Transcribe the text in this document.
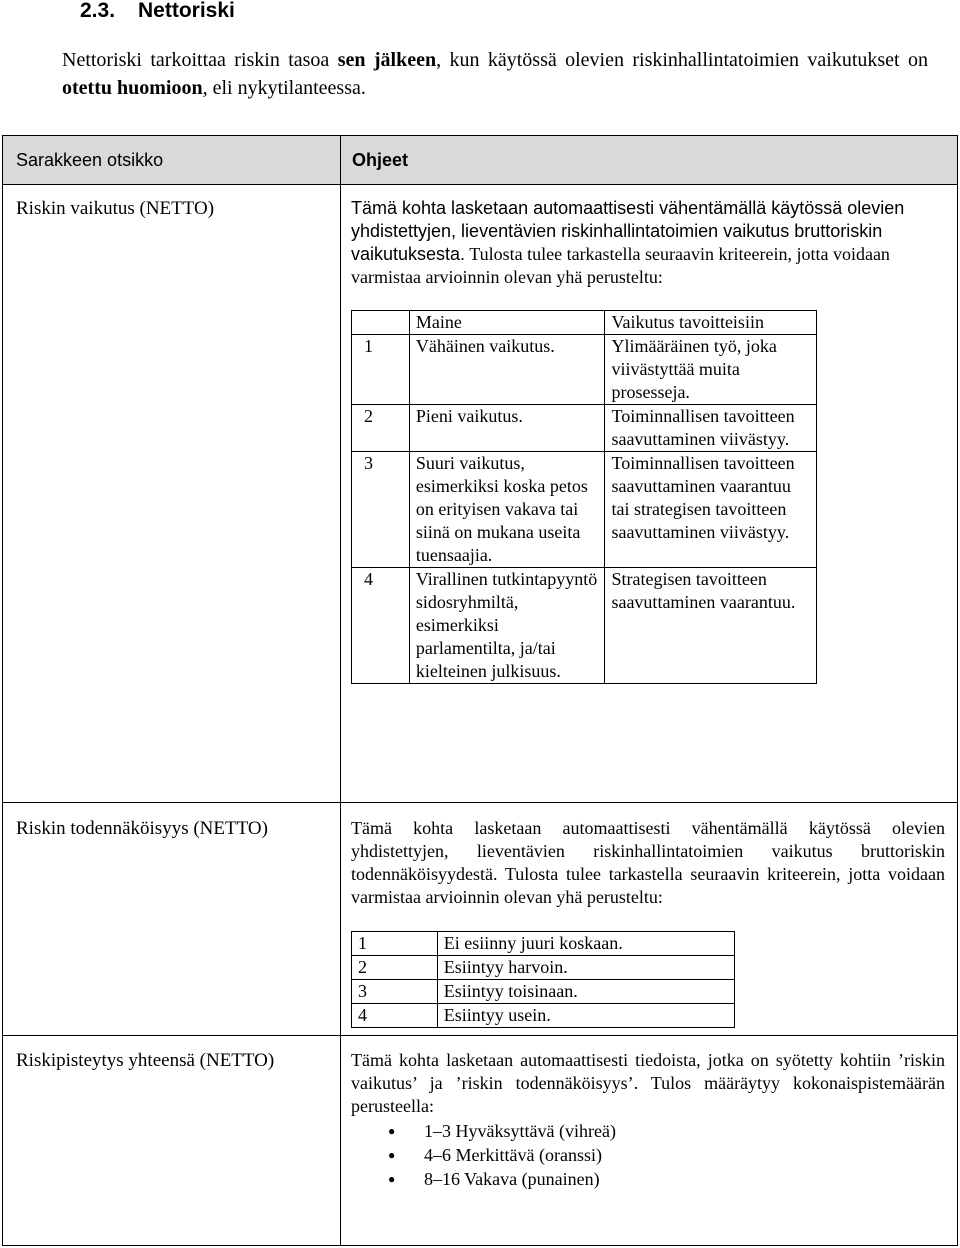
2.3. Nettoriski
Nettoriski tarkoittaa riskin tasoa sen jälkeen, kun käytössä olevien riskinhallintatoimien vaikutukset on otettu huomioon, eli nykytilanteessa.
Sarakkeen otsikko	Ohjeet
Riskin vaikutus (NETTO)	Tämä kohta lasketaan automaattisesti vähentämällä käytössä olevien yhdistettyjen, lieventävien riskinhallintatoimien vaikutus bruttoriskin vaikutuksesta. Tulosta tulee tarkastella seuraavin kriteerein, jotta voidaan varmistaa arvioinnin olevan yhä perusteltu:
	Maine	Vaikutus tavoitteisiin
1	Vähäinen vaikutus.	Ylimääräinen työ, joka viivästyttää muita prosesseja.
2	Pieni vaikutus.	Toiminnallisen tavoitteen saavuttaminen viivästyy.
3	Suuri vaikutus, esimerkiksi koska petos on erityisen vakava tai siinä on mukana useita tuensaajia.	Toiminnallisen tavoitteen saavuttaminen vaarantuu tai strategisen tavoitteen saavuttaminen viivästyy.
4	Virallinen tutkintapyyntö sidosryhmiltä, esimerkiksi parlamentilta, ja/tai kielteinen julkisuus.	Strategisen tavoitteen saavuttaminen vaarantuu.
Riskin todennäköisyys (NETTO)	Tämä kohta lasketaan automaattisesti vähentämällä käytössä olevien yhdistettyjen, lieventävien riskinhallintatoimien vaikutus bruttoriskin todennäköisyydestä. Tulosta tulee tarkastella seuraavin kriteerein, jotta voidaan varmistaa arvioinnin olevan yhä perusteltu:
1	Ei esiinny juuri koskaan.
2	Esiintyy harvoin.
3	Esiintyy toisinaan.
4	Esiintyy usein.
Riskipisteytys yhteensä (NETTO)	Tämä kohta lasketaan automaattisesti tiedoista, jotka on syötetty kohtiin ’riskin vaikutus’ ja ’riskin todennäköisyys’. Tulos määräytyy kokonaispistemäärän perusteella:
● 1–3 Hyväksyttävä (vihreä)
● 4–6 Merkittävä (oranssi)
● 8–16 Vakava (punainen)
